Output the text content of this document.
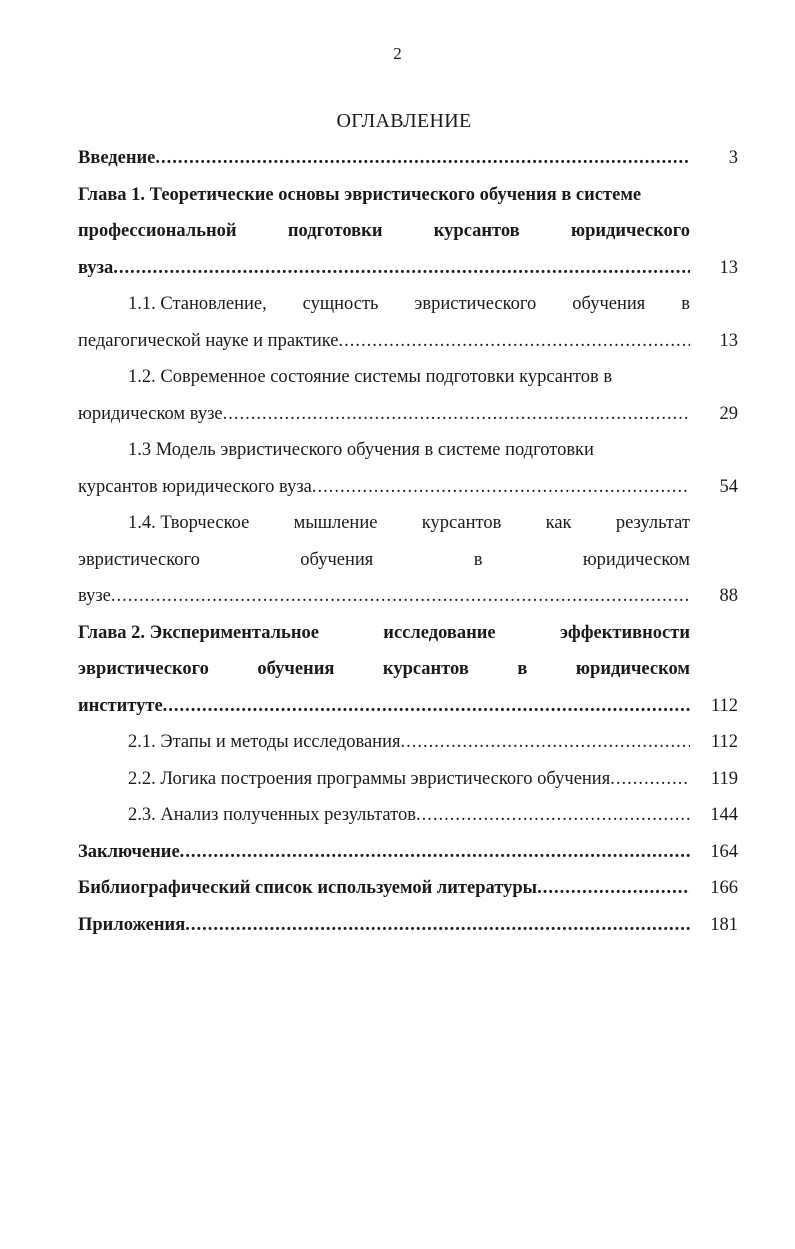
2
ОГЛАВЛЕНИЕ
Введение .....	3
Глава 1. Теоретические основы эвристического обучения в системе
профессиональной	подготовки	курсантов	юридического
вуза .....	13
1.1. Становление, сущность эвристического обучения в
педагогической науке и практике .....	13
1.2. Современное состояние системы подготовки курсантов в
юридическом вузе .....	29
1.3 Модель эвристического обучения в системе подготовки
курсантов юридического вуза .....	54
1.4. Творческое мышление курсантов как результат
эвристического	обучения	в	юридическом
вузе .....	88
Глава 2. Экспериментальное	исследование	эффективности
эвристического	обучения	курсантов	в	юридическом
институте .....	112
2.1. Этапы и методы исследования .....	112
2.2. Логика построения программы эвристического обучения .....	119
2.3. Анализ полученных результатов .....	144
Заключение .....	164
Библиографический список используемой литературы .....	166
Приложения .....	181
